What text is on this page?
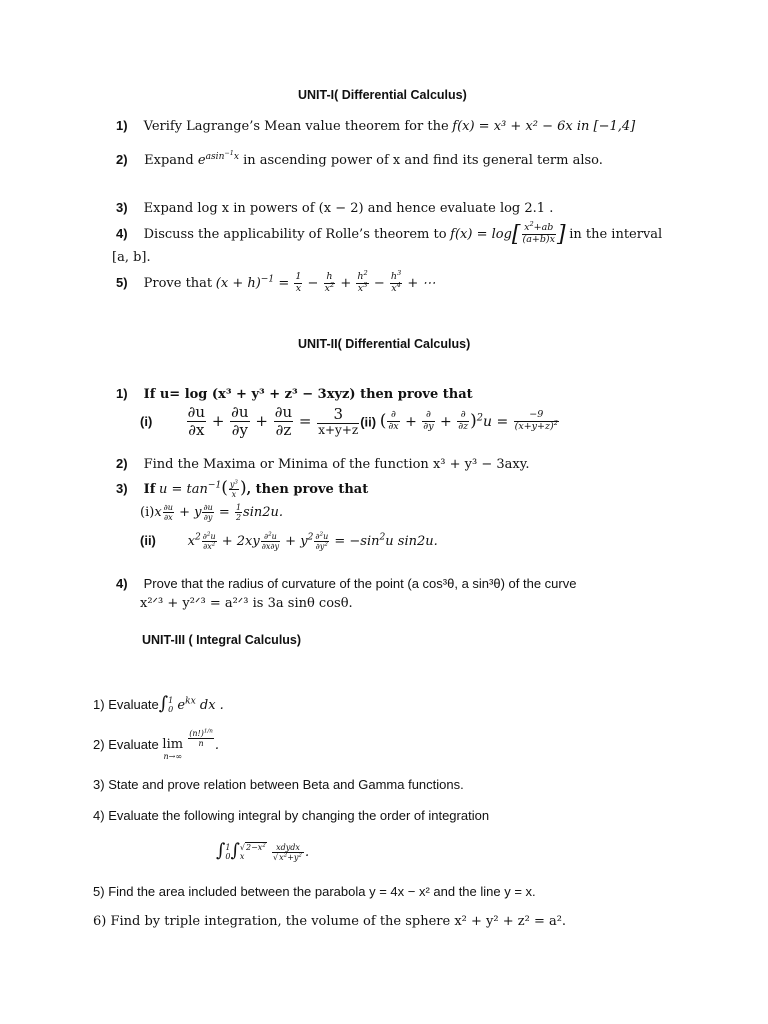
UNIT-I( Differential Calculus)
1) Verify Lagrange’s Mean value theorem for the f(x) = x³ + x² − 6x in [−1,4]
2) Expand $e^{asin^{-1}x}$ in ascending power of x and find its general term also.
3) Expand log x in powers of (x − 2) and hence evaluate log 2.1 .
4) Discuss the applicability of Rolle’s theorem to $f(x) = \log[ \frac{x^2+ab}{(a+b)x}$ ] in the interval
[a, b].
5) Prove that $(x + h)^{-1} = \frac{1}{x} - \frac{h}{x^2} + \frac{h^2}{x^3} - \frac{h^3}{x^4}$ + ⋯
UNIT-II( Differential Calculus)
1) If u= log (x³ + y³ + z³ − 3xyz) then prove that
$(i) \frac{\partial u}{\partial x} + \frac{\partial u}{\partial y} + \frac{\partial u}{\partial z} = \frac{3}{x+y+z} (ii)$ ( $\frac{\partial}{\partial x} + \frac{\partial}{\partial y} + \frac{\partial}{\partial z} )^2u = \frac{-9}{(x+y+z)^2}$
2) Find the Maxima or Minima of the function x³ + y³ − 3axy.
3) If $u = \tan^{-1}( \frac{y^3}{x}$ ), then prove that
$(i)x \frac{\partial u}{\partial x} + y \frac{\partial u}{\partial y} = \frac{1}{2} \sin 2u$.
(ii) $x^2 \frac{\partial^2u}{\partial x^2} + 2xy \frac{\partial^2u}{\partial x\partial y} + y^2 \frac{\partial^2u}{\partial y^2} = -\sin^2u$ sin2u.
4) Prove that the radius of curvature of the point (a cos³θ, a sin³θ) of the curve
x²ᐟ³ + y²ᐟ³ = a²ᐟ³ is 3a sinθ cosθ.
UNIT-III ( Integral Calculus)
1) Evaluate∫ 1
0 $e^{kx}$ dx .
2) Evaluate lim
n→∞

$\frac{(n!)^{1/n}}{n}$ .
3) State and prove relation between Beta and Gamma functions.
4) Evaluate the following integral by changing the order of integration
∫ 1
0 ∫ $√2-x^2$
x
	$\frac{\text{xdydx}}{√x^2+y^2}$ .
5) Find the area included between the parabola y = 4x − x² and the line y = x.
6) Find by triple integration, the volume of the sphere x² + y² + z² = a².
